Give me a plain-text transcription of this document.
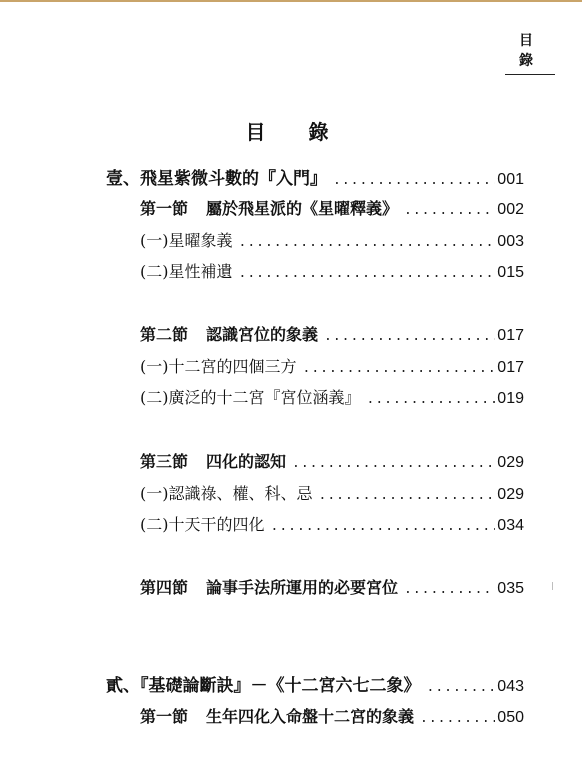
目 錄
目 錄
壹、飛星紫微斗數的『入門』 .....	001
第一節 屬於飛星派的《星曜釋義》 .....	002
(一)星曜象義 .....	003
(二)星性補遺 .....	015
第二節 認識宮位的象義 .....	017
(一)十二宮的四個三方 .....	017
(二)廣泛的十二宮『宮位涵義』 .....	019
第三節 四化的認知 .....	029
(一)認識祿、權、科、忌 .....	029
(二)十天干的四化 .....	034
第四節 論事手法所運用的必要宮位 .....	035
貳、『基礎論斷訣』－《十二宮六七二象》 .....	043
第一節 生年四化入命盤十二宮的象義 .....	050
